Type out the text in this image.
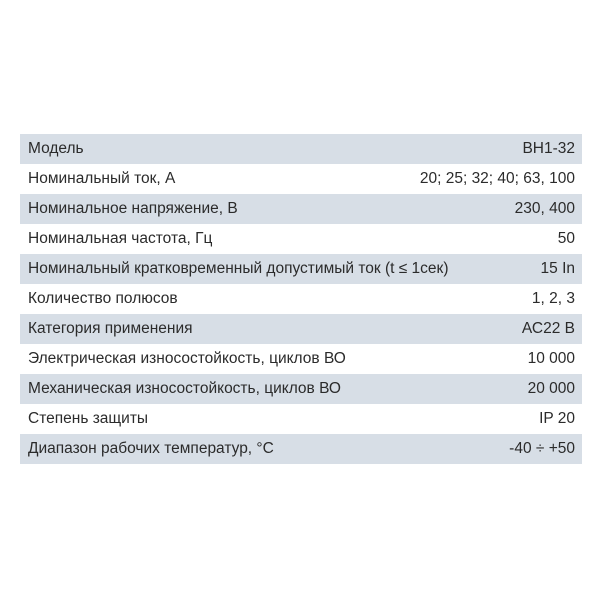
Модель	ВН1-32
Номинальный ток, А	20; 25; 32; 40; 63, 100
Номинальное напряжение, В	230, 400
Номинальная частота, Гц	50
Номинальный кратковременный допустимый ток (t ≤ 1сек)	15 In
Количество полюсов	1, 2, 3
Категория применения	АС22 В
Электрическая износостойкость, циклов ВО	10 000
Механическая износостойкость, циклов ВО	20 000
Степень защиты	IP 20
Диапазон рабочих температур, °С	-40 ÷ +50
